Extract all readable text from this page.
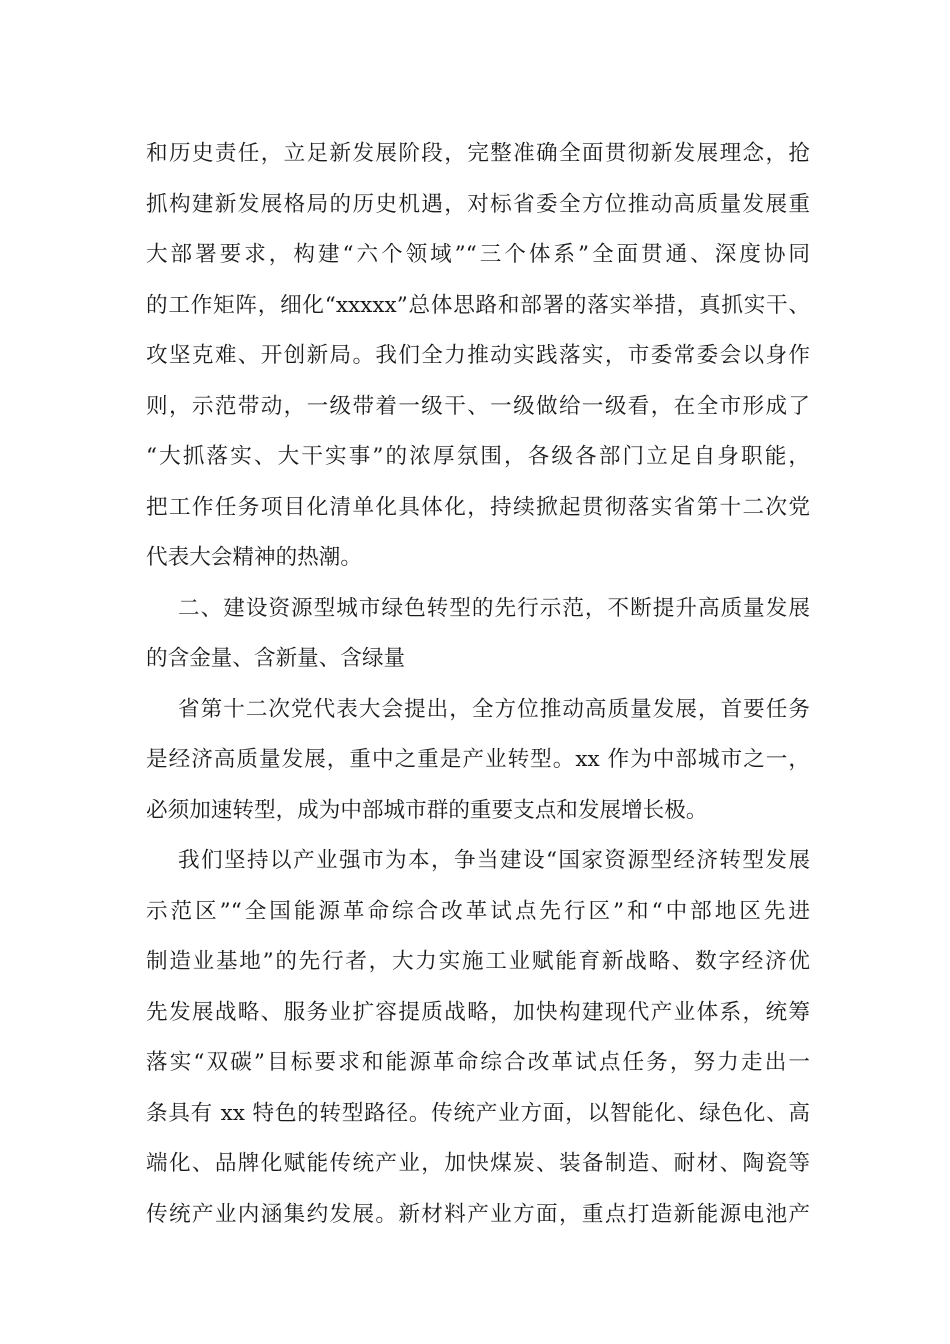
和历史责任，立足新发展阶段，完整准确全面贯彻新发展理念，抢
抓构建新发展格局的历史机遇，对标省委全方位推动高质量发展重
大部署要求，构建“六个领域”“三个体系”全面贯通、深度协同
的工作矩阵，细化“xxxxx”总体思路和部署的落实举措，真抓实干、
攻坚克难、开创新局。我们全力推动实践落实，市委常委会以身作
则，示范带动，一级带着一级干、一级做给一级看，在全市形成了
“大抓落实、大干实事”的浓厚氛围，各级各部门立足自身职能，
把工作任务项目化清单化具体化，持续掀起贯彻落实省第十二次党
代表大会精神的热潮。
二、建设资源型城市绿色转型的先行示范，不断提升高质量发展
的含金量、含新量、含绿量
省第十二次党代表大会提出，全方位推动高质量发展，首要任务
是经济高质量发展，重中之重是产业转型。xx 作为中部城市之一，
必须加速转型，成为中部城市群的重要支点和发展增长极。
我们坚持以产业强市为本，争当建设“国家资源型经济转型发展
示范区”“全国能源革命综合改革试点先行区”和“中部地区先进
制造业基地”的先行者，大力实施工业赋能育新战略、数字经济优
先发展战略、服务业扩容提质战略，加快构建现代产业体系，统筹
落实“双碳”目标要求和能源革命综合改革试点任务，努力走出一
条具有 xx 特色的转型路径。传统产业方面，以智能化、绿色化、高
端化、品牌化赋能传统产业，加快煤炭、装备制造、耐材、陶瓷等
传统产业内涵集约发展。新材料产业方面，重点打造新能源电池产
